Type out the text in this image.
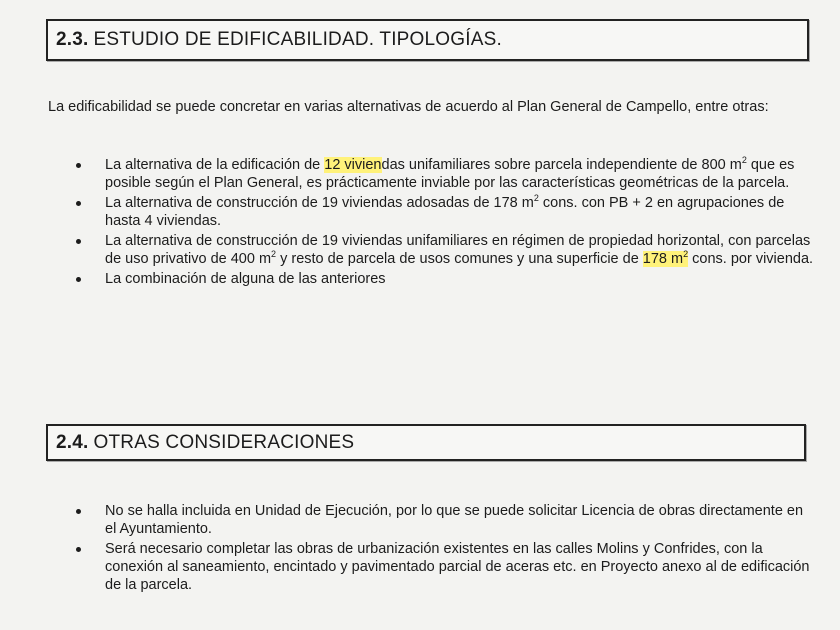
2.3. ESTUDIO DE EDIFICABILIDAD. TIPOLOGÍAS.
La edificabilidad se puede concretar en varias alternativas de acuerdo al Plan General de Campello, entre otras:
La alternativa de la edificación de 12 viviendas unifamiliares sobre parcela independiente de 800 $m^2$ que es posible según el Plan General, es prácticamente inviable por las características geométricas de la parcela.
La alternativa de construcción de 19 viviendas adosadas de 178 $m^2$ cons. con PB + 2 en agrupaciones de hasta 4 viviendas.
La alternativa de construcción de 19 viviendas unifamiliares en régimen de propiedad horizontal, con parcelas de uso privativo de 400 $m^2$ y resto de parcela de usos comunes y una superficie de 178 $m^2$ cons. por vivienda.
La combinación de alguna de las anteriores
2.4. OTRAS CONSIDERACIONES
No se halla incluida en Unidad de Ejecución, por lo que se puede solicitar Licencia de obras directamente en el Ayuntamiento.
Será necesario completar las obras de urbanización existentes en las calles Molins y Confrides, con la conexión al saneamiento, encintado y pavimentado parcial de aceras etc. en Proyecto anexo al de edificación de la parcela.
